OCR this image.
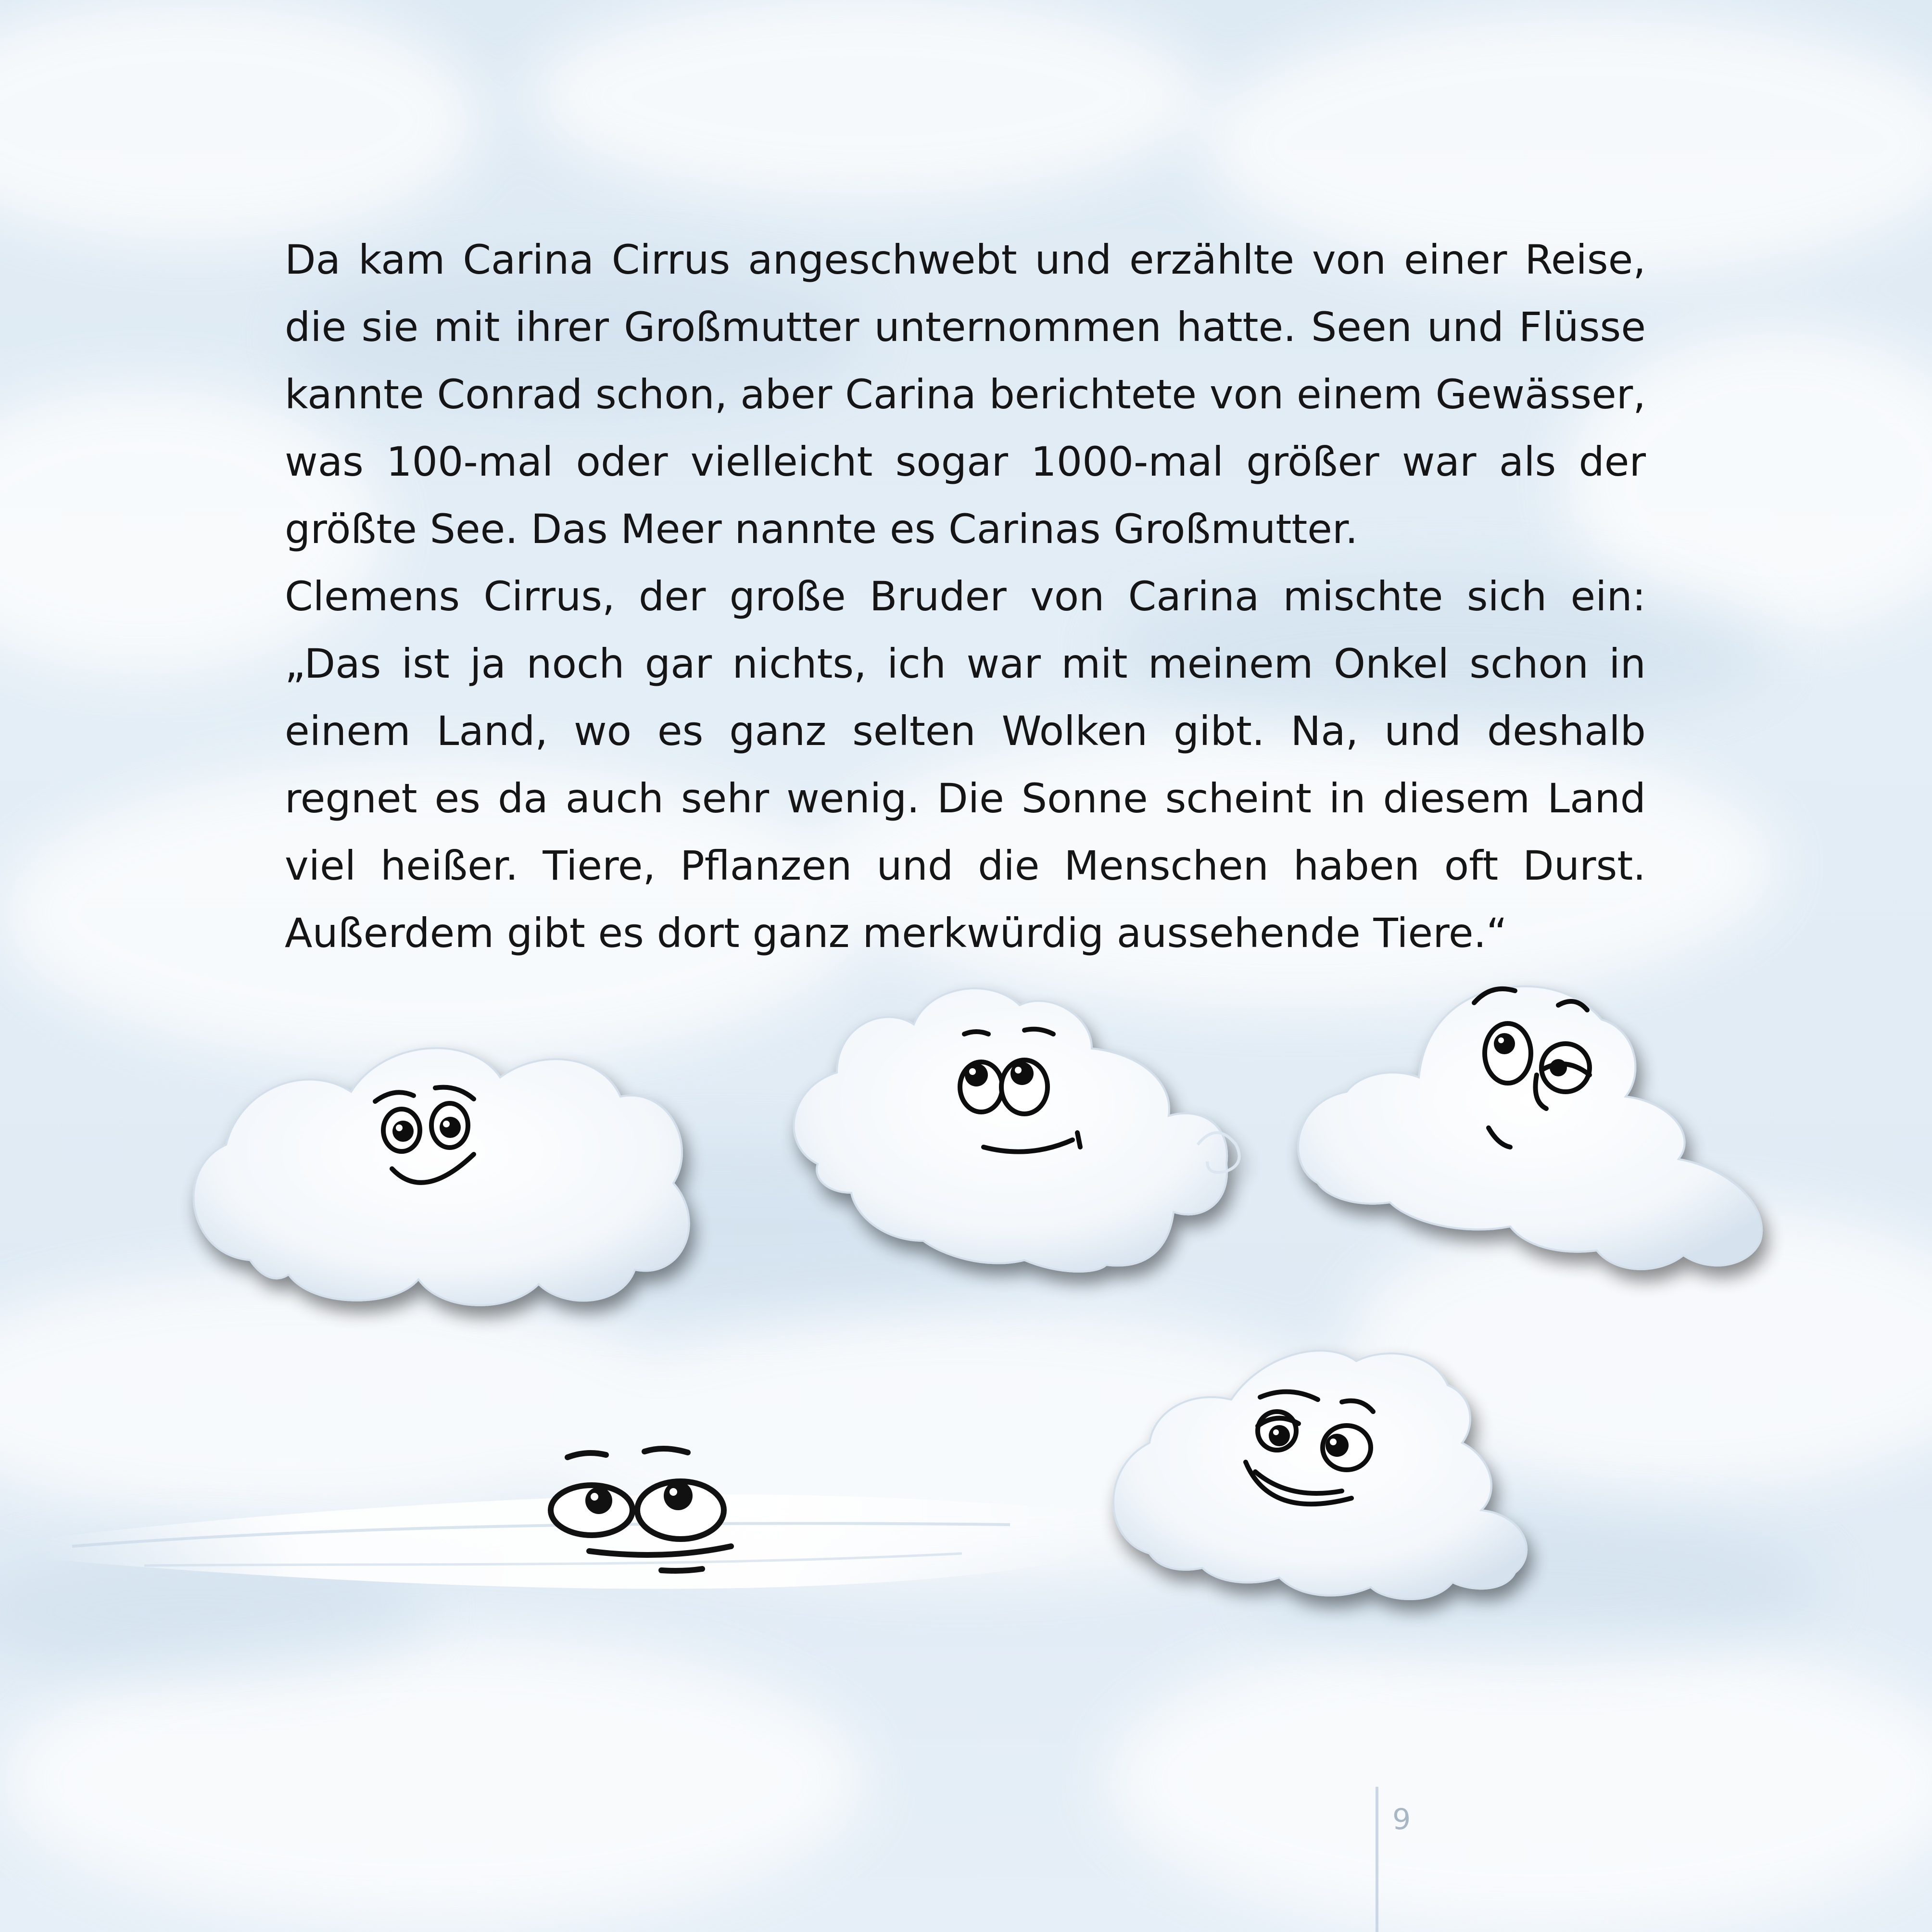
Da kam Carina Cirrus angeschwebt und erzählte von einer Reise, die sie mit ihrer Großmutter unternommen hatte. Seen und Flüsse kannte Conrad schon, aber Carina berichtete von einem Gewässer, was 100-mal oder vielleicht sogar 1000-mal größer war als der größte See. Das Meer nannte es Carinas Großmutter.

Clemens Cirrus, der große Bruder von Carina mischte sich ein: „Das ist ja noch gar nichts, ich war mit meinem Onkel schon in einem Land, wo es ganz selten Wolken gibt. Na, und deshalb regnet es da auch sehr wenig. Die Sonne scheint in diesem Land viel heißer. Tiere, Pflanzen und die Menschen haben oft Durst. Außerdem gibt es dort ganz merkwürdig aussehende Tiere.“

9
